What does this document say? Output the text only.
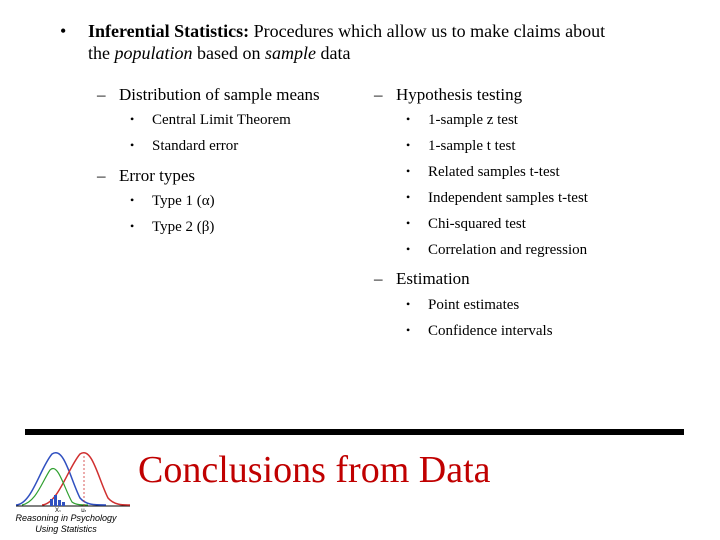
• Inferential Statistics: Procedures which allow us to make claims about
the population based on sample data
– Distribution of sample means
• Central Limit Theorem
• Standard error
– Error types
• Type 1 (α)
• Type 2 (β)
– Hypothesis testing
• 1-sample z test
• 1-sample t test
• Related samples t-test
• Independent samples t-test
• Chi-squared test
• Correlation and regression
– Estimation
• Point estimates
• Confidence intervals
X₁	μ₁
Reasoning in Psychology
Using Statistics
Conclusions from Data
